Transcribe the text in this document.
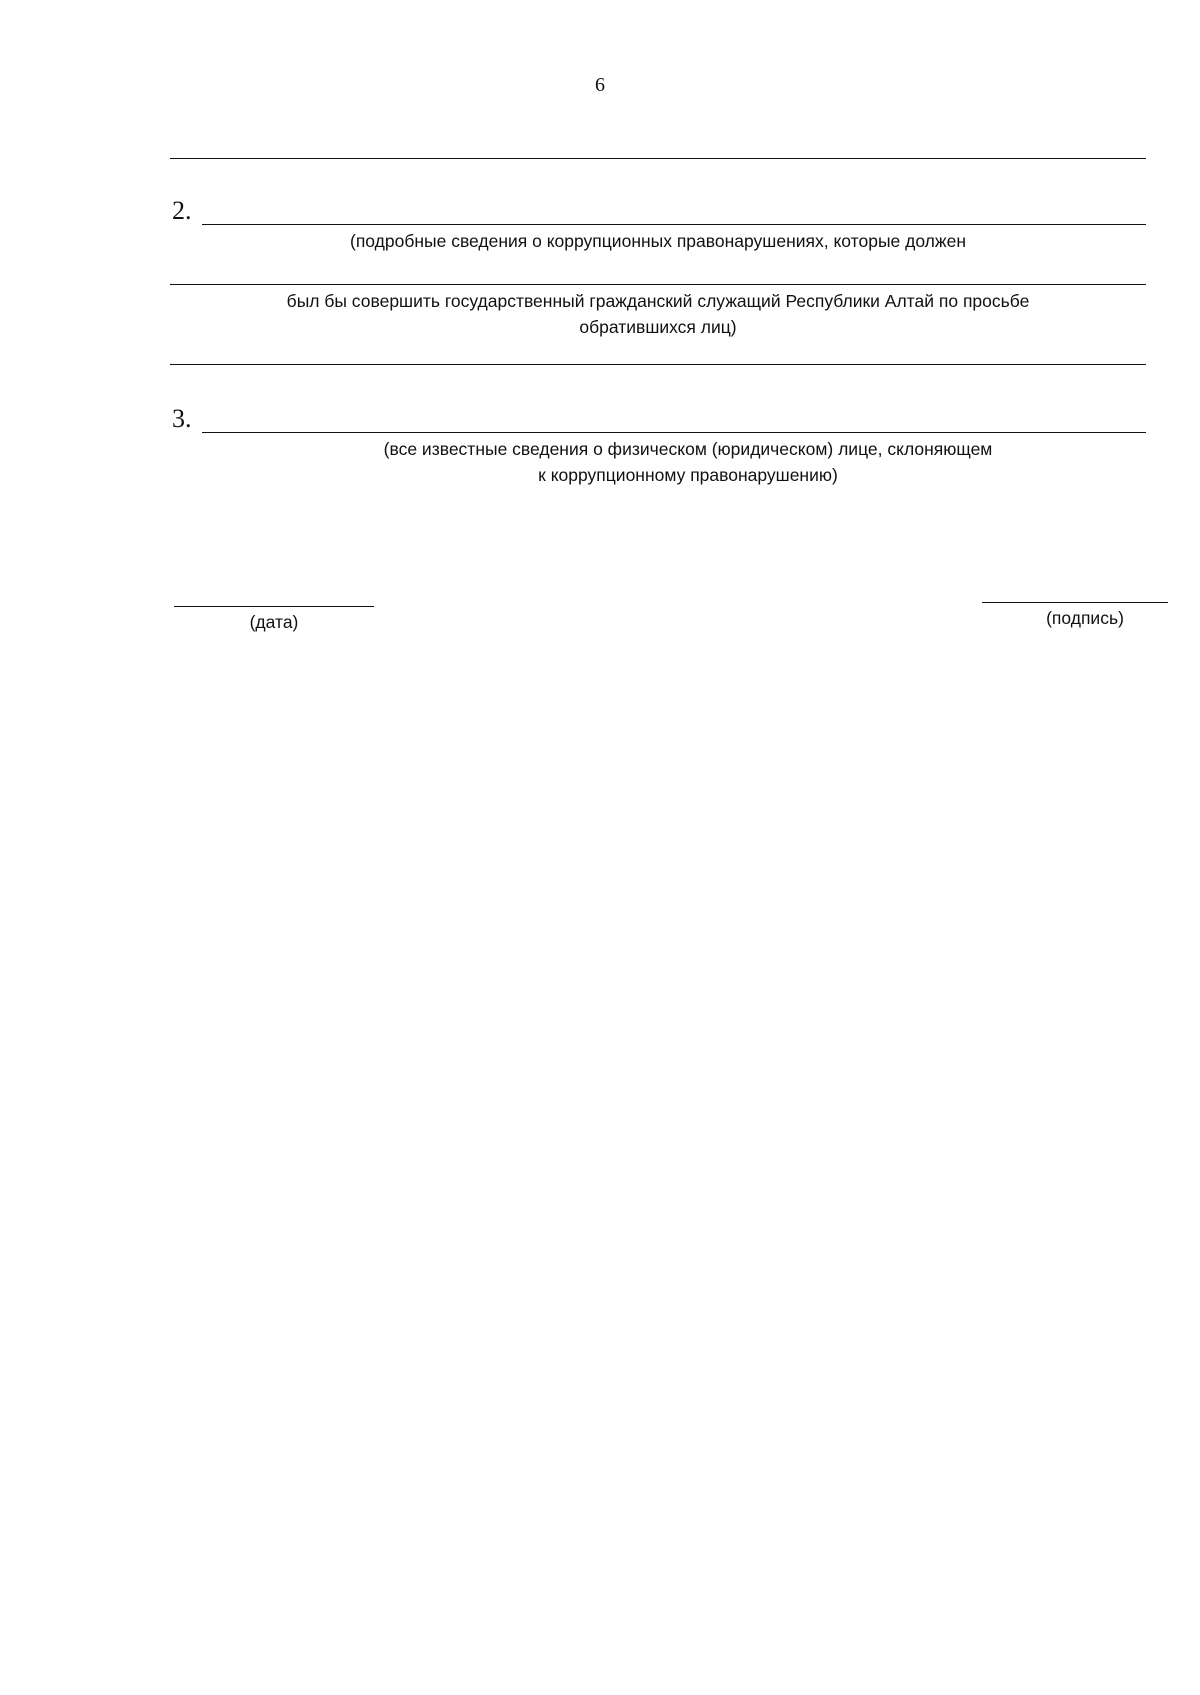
6
2.
(подробные сведения о коррупционных правонарушениях, которые должен
был бы совершить государственный гражданский служащий Республики Алтай по просьбе
обратившихся лиц)
3.
(все известные сведения о физическом (юридическом) лице, склоняющем
к коррупционному правонарушению)
(дата)	(подпись)
